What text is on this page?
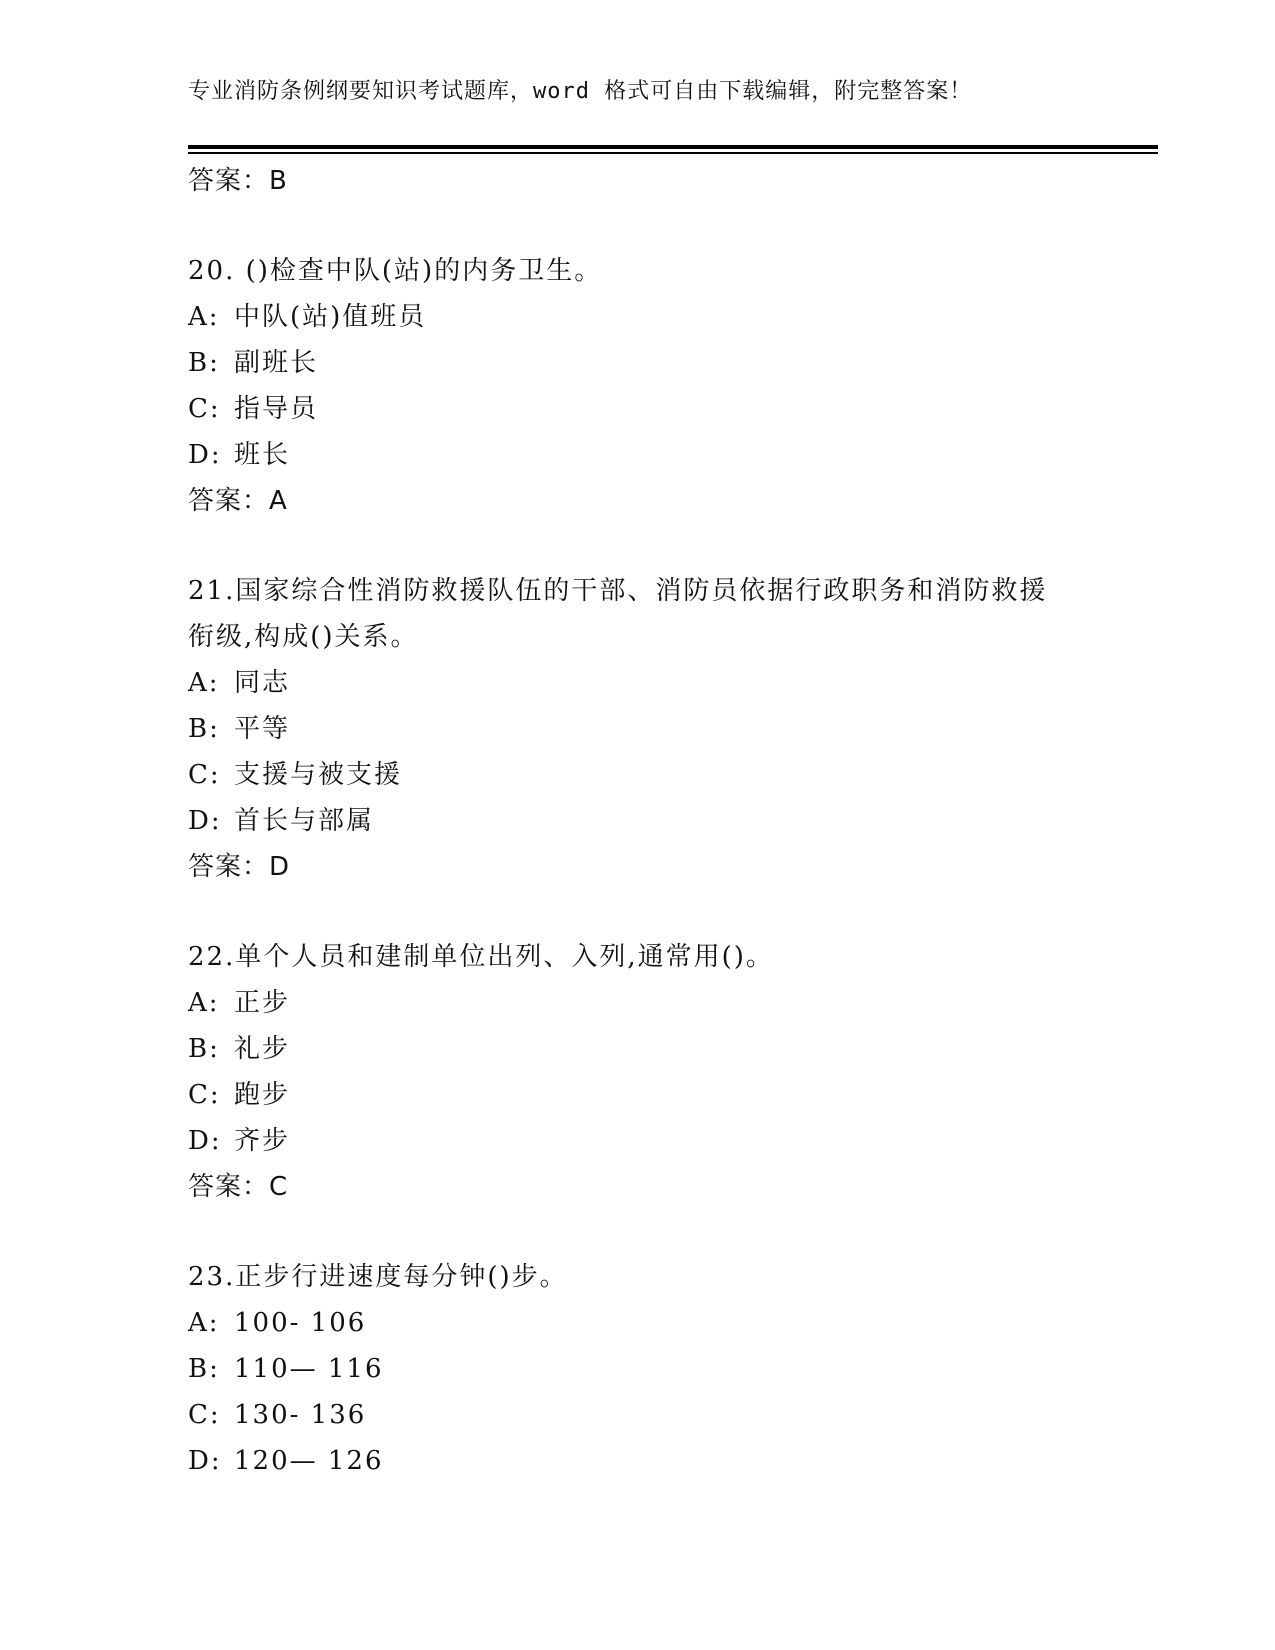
专业消防条例纲要知识考试题库，word 格式可自由下载编辑，附完整答案！
答案：B
20. ()检查中队(站)的内务卫生。
A: 中队(站)值班员
B: 副班长
C: 指导员
D: 班长
答案：A
21.国家综合性消防救援队伍的干部、消防员依据行政职务和消防救援
衔级,构成()关系。
A: 同志
B: 平等
C: 支援与被支援
D: 首长与部属
答案：D
22.单个人员和建制单位出列、入列,通常用()。
A: 正步
B: 礼步
C: 跑步
D: 齐步
答案：C
23.正步行进速度每分钟()步。
A: 100- 106
B: 110— 116
C: 130- 136
D: 120— 126
